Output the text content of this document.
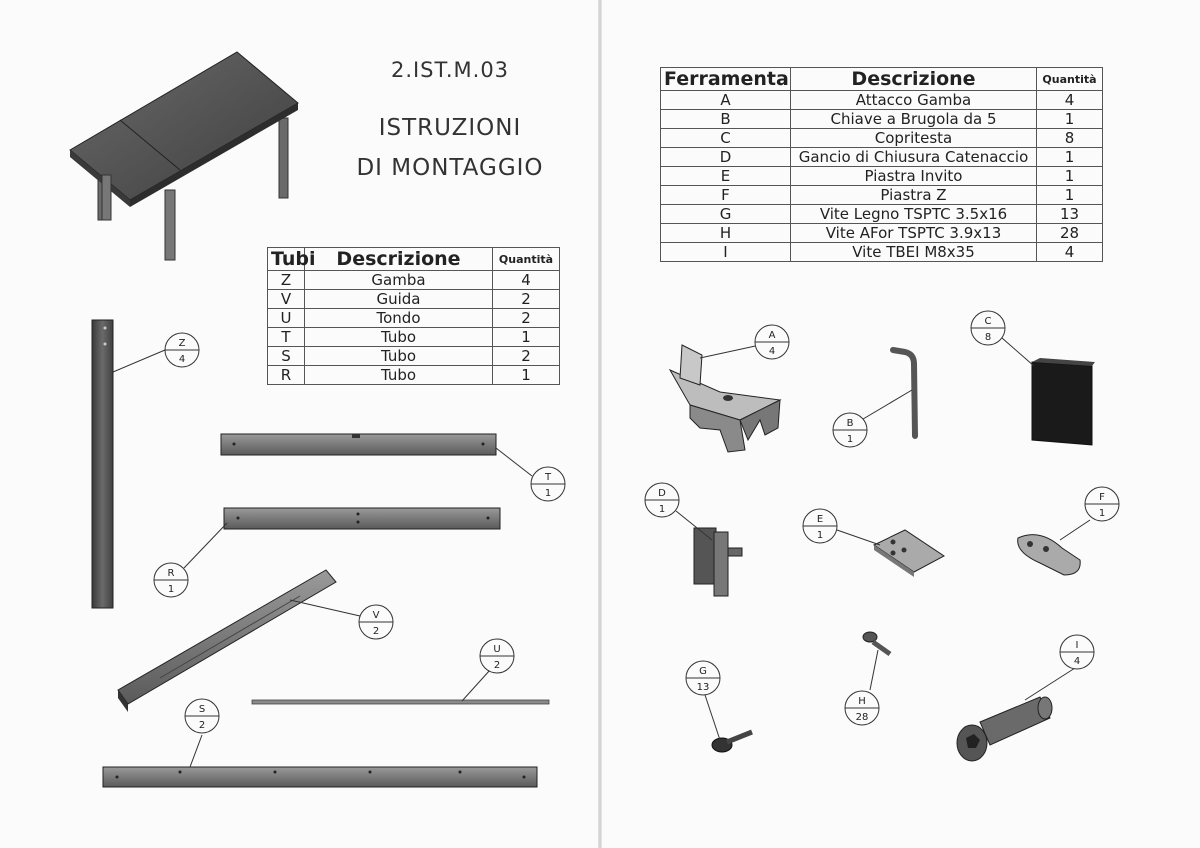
2.IST.M.03
ISTRUZIONI
DI MONTAGGIO
Tubi	Descrizione	Quantità
Z	Gamba	4
V	Guida	2
U	Tondo	2
T	Tubo	1
S	Tubo	2
R	Tubo	1
Ferramenta	Descrizione	Quantità
A	Attacco Gamba	4
B	Chiave a Brugola da 5	1
C	Copritesta	8
D	Gancio di Chiusura Catenaccio	1
E	Piastra Invito	1
F	Piastra Z	1
G	Vite Legno TSPTC 3.5x16	13
H	Vite AFor TSPTC 3.9x13	28
I	Vite TBEI M8x35	4
Z
4
T
1
R
1
V
2
U
2
S
2
A
4
B
1
C
8
D
1
E
1
F
1
G
13
H
28
I
4
